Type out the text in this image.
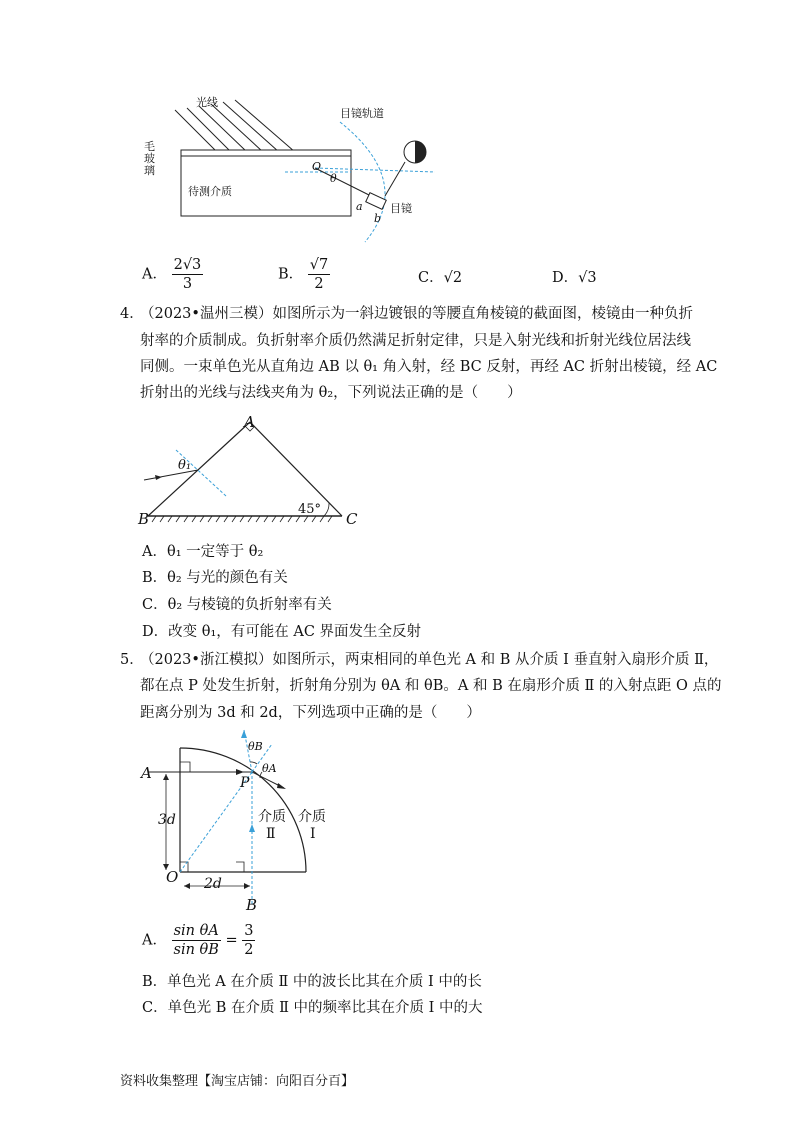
光线
毛
玻
璃
待测介质
目镜轨道
目镜
O
θ
a
b
A． $\frac{2√3}{3}$	B． $\frac{√7}{2}$	C．√2	D．√3
4．
（2023•温州三模）如图所示为一斜边镀银的等腰直角棱镜的截面图，棱镜由一种负折
射率的介质制成。负折射率介质仍然满足折射定律，只是入射光线和折射光线位居法线
同侧。一束单色光从直角边 AB 以 θ₁ 角入射，经 BC 反射，再经 AC 折射出棱镜，经 AC
折射出的光线与法线夹角为 θ₂，下列说法正确的是（　　）
A
B	C
45°
θ₁
A．θ₁ 一定等于 θ₂
B．θ₂ 与光的颜色有关
C．θ₂ 与棱镜的负折射率有关
D．改变 θ₁，有可能在 AC 界面发生全反射
5．
（2023•浙江模拟）如图所示，两束相同的单色光 A 和 B 从介质 Ⅰ 垂直射入扇形介质 Ⅱ，
都在点 P 处发生折射，折射角分别为 θA 和 θB。A 和 B 在扇形介质 Ⅱ 的入射点距 O 点的
距离分别为 3d 和 2d，下列选项中正确的是（　　）
A
B
O
P
3d
2d
θA
θB
介质
Ⅱ
介质
Ⅰ
A． $\frac{\text{sin θA}}{\text{sin θB}} = \frac{3}{2}$
B．单色光 A 在介质 Ⅱ 中的波长比其在介质 Ⅰ 中的长
C．单色光 B 在介质 Ⅱ 中的频率比其在介质 Ⅰ 中的大
资料收集整理【淘宝店铺：向阳百分百】
